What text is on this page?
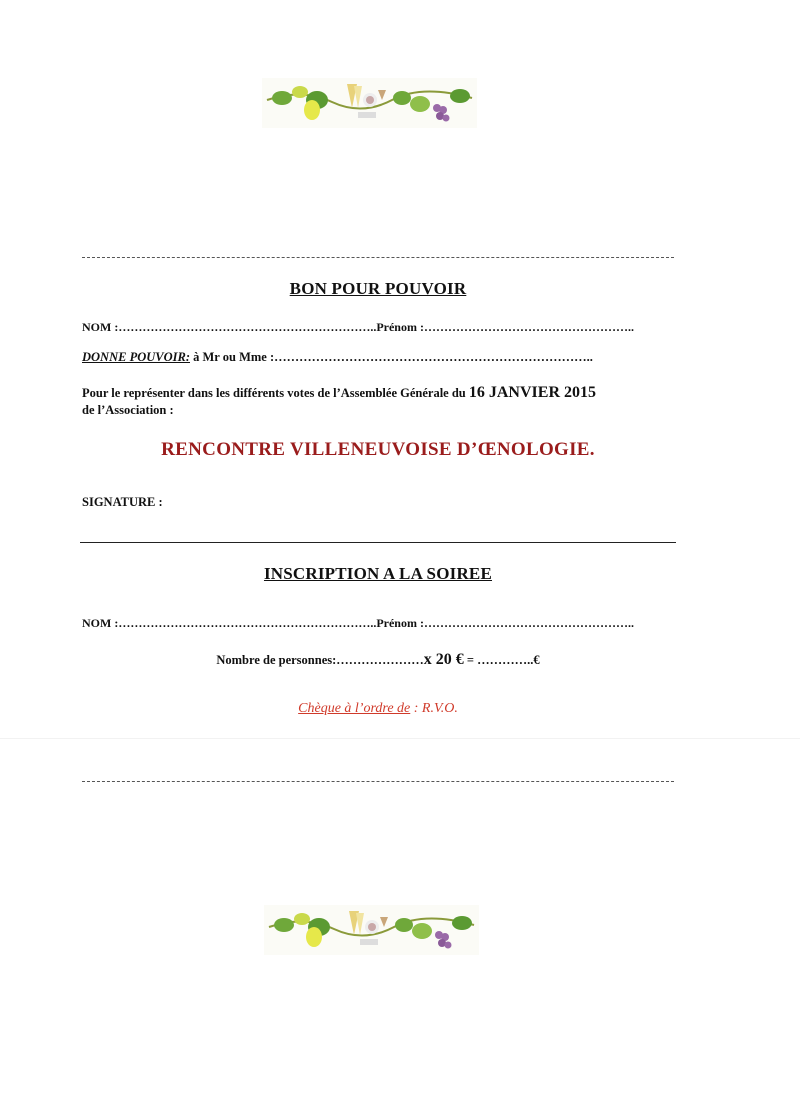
BON POUR POUVOIR
NOM :………………………………………………………..Prénom :……………………………………………..
DONNE POUVOIR: à Mr ou Mme :…………………………………………………………………..
Pour le représenter dans les différents votes de l’Assemblée Générale du 16 JANVIER 2015
de l’Association :
RENCONTRE VILLENEUVOISE D’ŒNOLOGIE.
SIGNATURE :
INSCRIPTION A LA SOIREE
NOM :………………………………………………………..Prénom :……………………………………………..
Nombre de personnes:…………………x 20 € = …………..€
Chèque à l’ordre de : R.V.O.
